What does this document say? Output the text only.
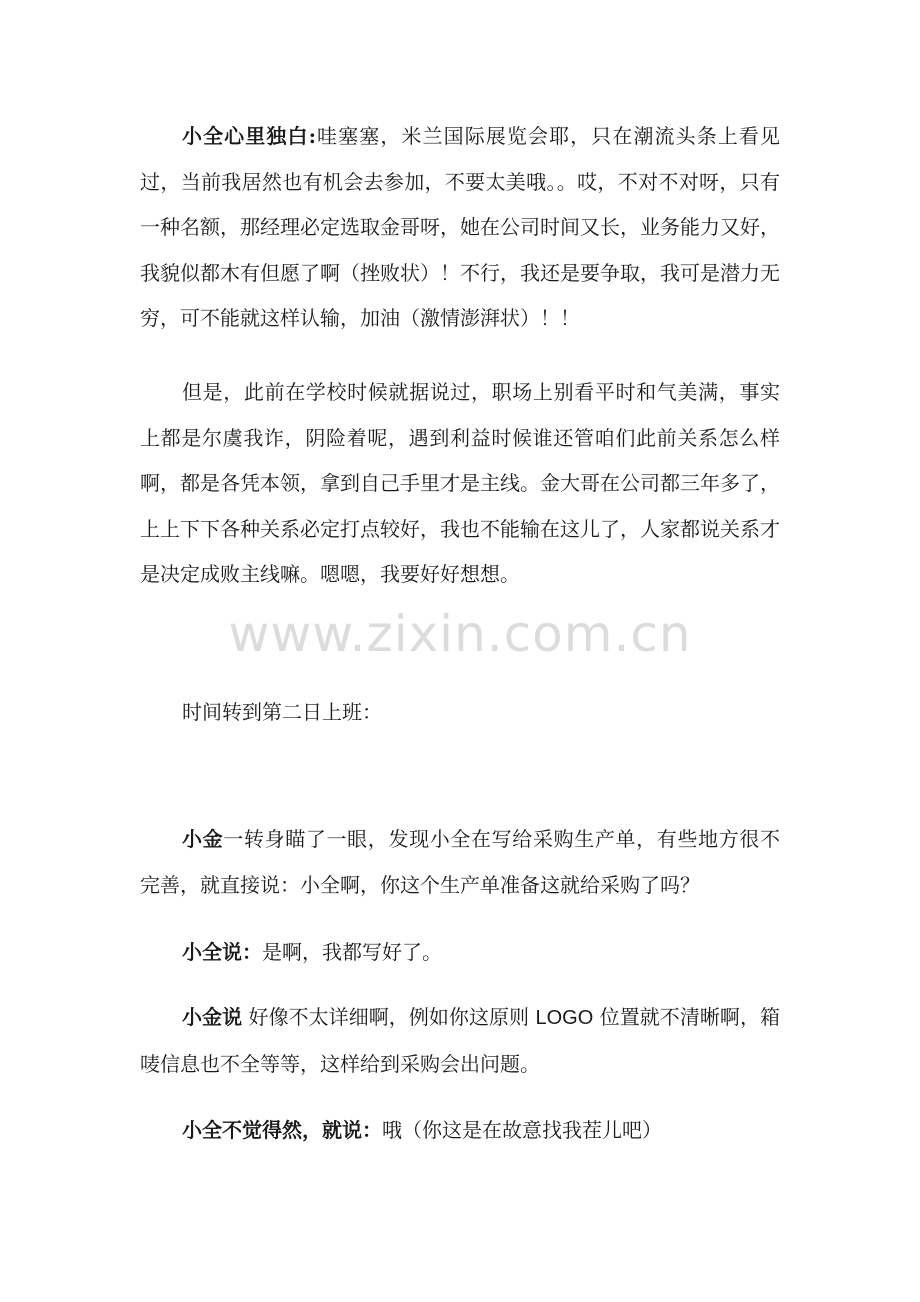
小全心里独白:哇塞塞，米兰国际展览会耶，只在潮流头条上看见过，当前我居然也有机会去参加，不要太美哦。。哎，不对不对呀，只有一种名额，那经理必定选取金哥呀，她在公司时间又长，业务能力又好，我貌似都木有但愿了啊（挫败状）！不行，我还是要争取，我可是潜力无穷，可不能就这样认输，加油（激情澎湃状）！！

但是，此前在学校时候就据说过，职场上别看平时和气美满，事实上都是尔虞我诈，阴险着呢，遇到利益时候谁还管咱们此前关系怎么样啊，都是各凭本领，拿到自己手里才是主线。金大哥在公司都三年多了，上上下下各种关系必定打点较好，我也不能输在这儿了，人家都说关系才是决定成败主线嘛。嗯嗯，我要好好想想。

时间转到第二日上班：

小金一转身瞄了一眼，发现小全在写给采购生产单，有些地方很不完善，就直接说：小全啊，你这个生产单准备这就给采购了吗？

小全说：是啊，我都写好了。

小金说 好像不太详细啊，例如你这原则 LOGO 位置就不清晰啊，箱唛信息也不全等等，这样给到采购会出问题。

小全不觉得然，就说：哦（你这是在故意找我茬儿吧）

www.zixin.com.cn
